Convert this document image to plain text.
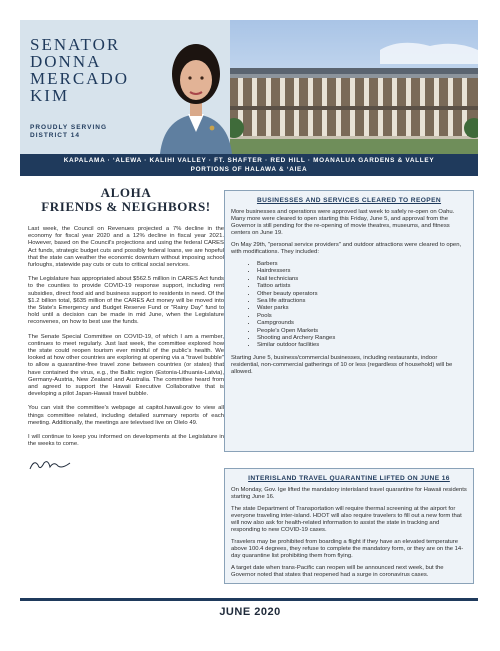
SENATOR
DONNA
MERCADO
KIM
PROUDLY SERVING
DISTRICT 14
KAPALAMA · ʻALEWA · KALIHI VALLEY · FT. SHAFTER · RED HILL · MOANALUA GARDENS & VALLEY
PORTIONS OF HALAWA & ʻAIEA
ALOHA
FRIENDS & NEIGHBORS!

Last week, the Council on Revenues projected a 7% decline in the economy for fiscal year 2020 and a 12% decline in fiscal year 2021. However, based on the Council's projections and using the federal CARES Act funds, strategic budget cuts and possibly federal loans, we are hopeful that the state can weather the economic downturn without imposing school furloughs, statewide pay cuts or cuts to critical social services.

The Legislature has appropriated about $562.5 million in CARES Act funds to the counties to provide COVID-19 response support, including rent subsidies, direct food aid and business support to residents in need. Of the $1.2 billion total, $635 million of the CARES Act money will be moved into the State's Emergency and Budget Reserve Fund or "Rainy Day" fund to hold until a decision can be made in mid June, when the Legislature reconvenes, on how to best use the funds.

The Senate Special Committee on COVID-19, of which I am a member, continues to meet regularly. Just last week, the committee explored how the state could reopen tourism ever mindful of the public's health. We looked at how other countries are exploring at opening via a "travel bubble" to allow a quarantine-free travel zone between countries (or states) that have contained the virus, e.g., the Baltic region (Estonia-Lithuania-Latvia), Germany-Austria, New Zealand and Australia. The committee heard from and agreed to support the Hawaii Executive Collaborative that is developing a pilot Japan-Hawaii travel bubble.

You can visit the committee's webpage at capitol.hawaii.gov to view all things committee related, including detailed summary reports of each meeting. Additionally, the meetings are televised live on Olelo 49.

I will continue to keep you informed on developments at the Legislature in the weeks to come.

BUSINESSES AND SERVICES CLEARED TO REOPEN

More businesses and operations were approved last week to safely re-open on Oahu. Many more were cleared to open starting this Friday, June 5, and approval from the Governor is still pending for the re-opening of movie theatres, museums, and fitness centers on June 19.

On May 29th, "personal service providers" and outdoor attractions were cleared to open, with modifications. They included:

• Barbers
• Hairdressers
• Nail technicians
• Tattoo artists
• Other beauty operators
• Sea life attractions
• Water parks
• Pools
• Campgrounds
• People's Open Markets
• Shooting and Archery Ranges
• Similar outdoor facilities

Starting June 5, business/commercial businesses, including restaurants, indoor residential, non-commercial gatherings of 10 or less (regardless of household) will be allowed.

INTERISLAND TRAVEL QUARANTINE LIFTED ON JUNE 16

On Monday, Gov. Ige lifted the mandatory interisland travel quarantine for Hawaii residents starting June 16.

The state Department of Transportation will require thermal screening at the airport for everyone traveling inter-island. HDOT will also require travelers to fill out a new form that will now also ask for health-related information to assist the state in tracking and responding to new COVID-19 cases.

Travelers may be prohibited from boarding a flight if they have an elevated temperature above 100.4 degrees, they refuse to complete the mandatory form, or they are on the 14-day quarantine list prohibiting them from flying.

A target date when trans-Pacific can reopen will be announced next week, but the Governor noted that states that reopened had a surge in coronavirus cases.

JUNE 2020
